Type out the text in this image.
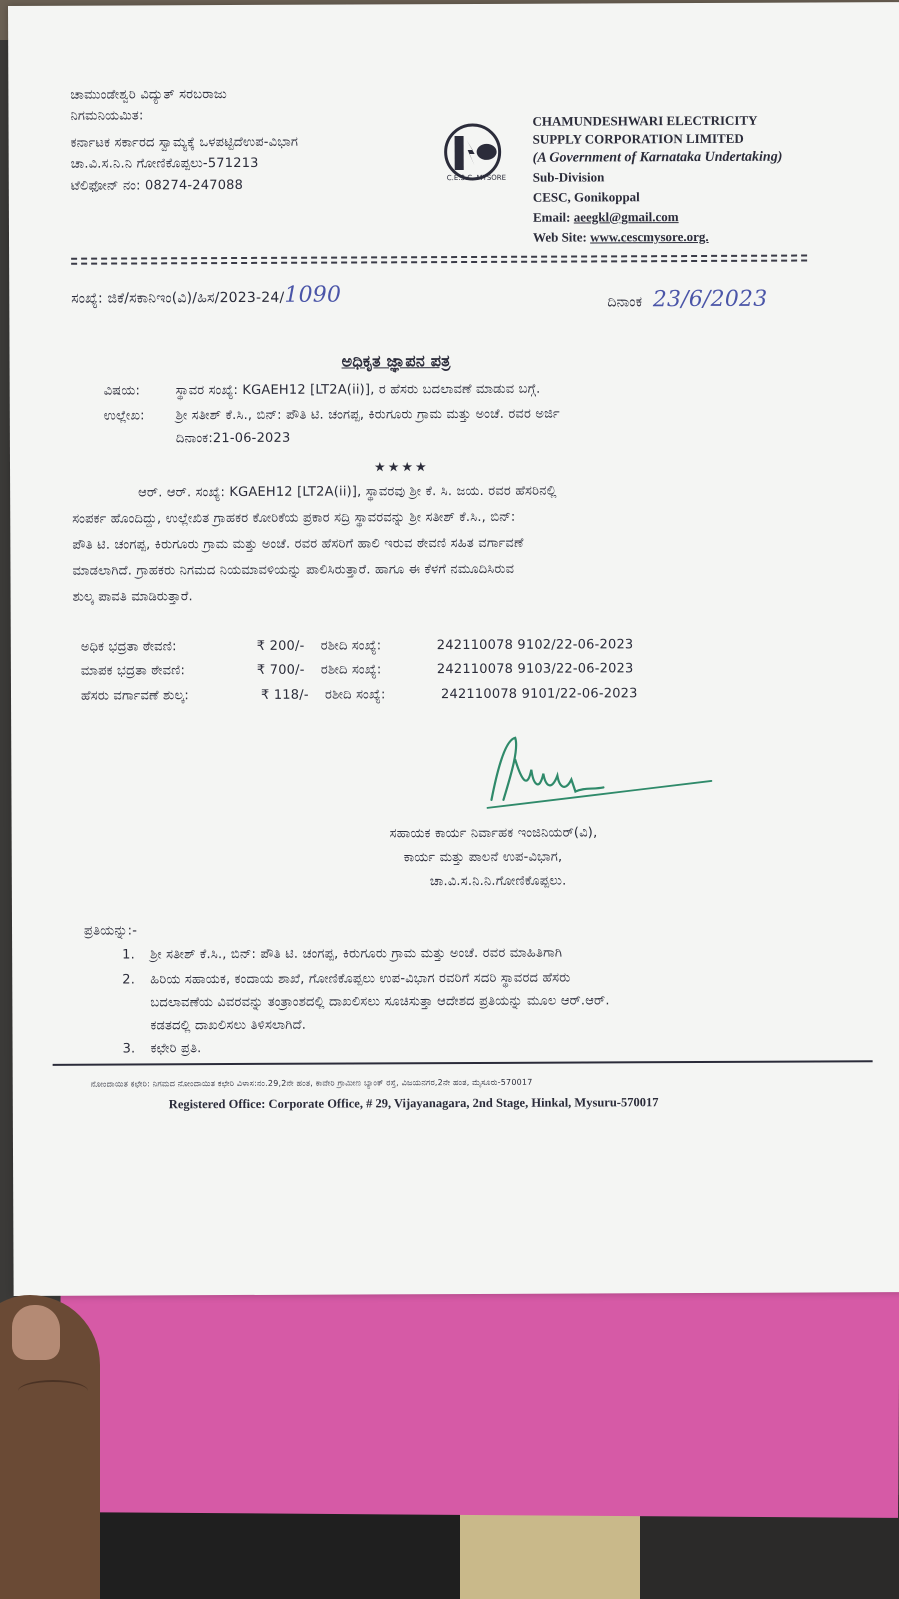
ಚಾಮುಂಡೇಶ್ವರಿ ವಿದ್ಯುತ್ ಸರಬರಾಜು
ನಿಗಮನಿಯಮಿತ:
ಕರ್ನಾಟಕ ಸರ್ಕಾರದ ಸ್ವಾಮ್ಯಕ್ಕೆ ಒಳಪಟ್ಟಿದೆಉಪ-ವಿಭಾಗ
ಚಾ.ವಿ.ಸ.ನಿ.ನಿ ಗೋಣಿಕೊಪ್ಪಲು-571213
ಟೆಲಿಫೋನ್ ನಂ: 08274-247088
C.E.S.C. MYSORE
CHAMUNDESHWARI ELECTRICITY
SUPPLY CORPORATION LIMITED
(A Government of Karnataka Undertaking)
Sub-Division
CESC, Gonikoppal
Email: aeegkl@gmail.com
Web Site: www.cescmysore.org.
ಸಂಖ್ಯೆ: ಜಿಕೆ/ಸಕಾನಿಇಂ(ವಿ)/ಹಿಸ/2023-24/1090	ದಿನಾಂಕ 23/6/2023
ಅಧಿಕೃತ ಜ್ಞಾಪನ ಪತ್ರ
ವಿಷಯ:	ಸ್ಥಾವರ ಸಂಖ್ಯೆ: KGAEH12 [LT2A(ii)], ರ ಹೆಸರು ಬದಲಾವಣೆ ಮಾಡುವ ಬಗ್ಗೆ.
ಉಲ್ಲೇಖ: ಶ್ರೀ ಸತೀಶ್ ಕೆ.ಸಿ., ಬಿನ್: ಪೌತಿ ಟಿ. ಚಂಗಪ್ಪ, ಕಿರುಗೂರು ಗ್ರಾಮ ಮತ್ತು ಅಂಚೆ. ರವರ ಅರ್ಜಿ
ದಿನಾಂಕ:21-06-2023
★★★★
ಆರ್. ಆರ್. ಸಂಖ್ಯೆ: KGAEH12 [LT2A(ii)], ಸ್ಥಾವರವು ಶ್ರೀ ಕೆ. ಸಿ. ಜಯ. ರವರ ಹೆಸರಿನಲ್ಲಿ
ಸಂಪರ್ಕ ಹೊಂದಿದ್ದು, ಉಲ್ಲೇಖಿತ ಗ್ರಾಹಕರ ಕೋರಿಕೆಯ ಪ್ರಕಾರ ಸದ್ರಿ ಸ್ಥಾವರವನ್ನು ಶ್ರೀ ಸತೀಶ್ ಕೆ.ಸಿ., ಬಿನ್:
ಪೌತಿ ಟಿ. ಚಂಗಪ್ಪ, ಕಿರುಗೂರು ಗ್ರಾಮ ಮತ್ತು ಅಂಚೆ. ರವರ ಹೆಸರಿಗೆ ಹಾಲಿ ಇರುವ ಠೇವಣಿ ಸಹಿತ ವರ್ಗಾವಣೆ
ಮಾಡಲಾಗಿದೆ. ಗ್ರಾಹಕರು ನಿಗಮದ ನಿಯಮಾವಳಿಯನ್ನು ಪಾಲಿಸಿರುತ್ತಾರೆ. ಹಾಗೂ ಈ ಕೆಳಗೆ ನಮೂದಿಸಿರುವ
ಶುಲ್ಕ ಪಾವತಿ ಮಾಡಿರುತ್ತಾರೆ.
ಅಧಿಕ ಭದ್ರತಾ ಠೇವಣಿ:	₹ 200/- ರಶೀದಿ ಸಂಖ್ಯೆ:	242110078 9102/22-06-2023
ಮಾಪಕ ಭದ್ರತಾ ಠೇವಣಿ:	₹ 700/- ರಶೀದಿ ಸಂಖ್ಯೆ:	242110078 9103/22-06-2023
ಹೆಸರು ವರ್ಗಾವಣೆ ಶುಲ್ಕ:	₹ 118/- ರಶೀದಿ ಸಂಖ್ಯೆ:	242110078 9101/22-06-2023
ಸಹಾಯಕ ಕಾರ್ಯ ನಿರ್ವಾಹಕ ಇಂಜಿನಿಯರ್(ವಿ),
ಕಾರ್ಯ ಮತ್ತು ಪಾಲನೆ ಉಪ-ವಿಭಾಗ,
ಚಾ.ವಿ.ಸ.ನಿ.ನಿ.ಗೋಣಿಕೊಪ್ಪಲು.
ಪ್ರತಿಯನ್ನು:-
1. ಶ್ರೀ ಸತೀಶ್ ಕೆ.ಸಿ., ಬಿನ್: ಪೌತಿ ಟಿ. ಚಂಗಪ್ಪ, ಕಿರುಗೂರು ಗ್ರಾಮ ಮತ್ತು ಅಂಚೆ. ರವರ ಮಾಹಿತಿಗಾಗಿ
2. ಹಿರಿಯ ಸಹಾಯಕ, ಕಂದಾಯ ಶಾಖೆ, ಗೋಣಿಕೊಪ್ಪಲು ಉಪ-ವಿಭಾಗ ರವರಿಗೆ ಸದರಿ ಸ್ಥಾವರದ ಹೆಸರು
ಬದಲಾವಣೆಯ ವಿವರವನ್ನು ತಂತ್ರಾಂಶದಲ್ಲಿ ದಾಖಲಿಸಲು ಸೂಚಿಸುತ್ತಾ ಆದೇಶದ ಪ್ರತಿಯನ್ನು ಮೂಲ ಆರ್.ಆರ್.
ಕಡತದಲ್ಲಿ ದಾಖಲಿಸಲು ತಿಳಿಸಲಾಗಿದೆ.
3. ಕಛೇರಿ ಪ್ರತಿ.
ನೋಂದಾಯಿತ ಕಛೇರಿ: ನಿಗಮದ ನೋಂದಾಯಿತ ಕಛೇರಿ ವಿಳಾಸ:ನಂ.29,2ನೇ ಹಂತ, ಕಾವೇರಿ ಗ್ರಾಮೀಣ ಬ್ಯಾಂಕ್ ರಸ್ತೆ, ವಿಜಯನಗರ,2ನೇ ಹಂತ, ಮೈಸೂರು-570017
Registered Office: Corporate Office, # 29, Vijayanagara, 2nd Stage, Hinkal, Mysuru-570017
